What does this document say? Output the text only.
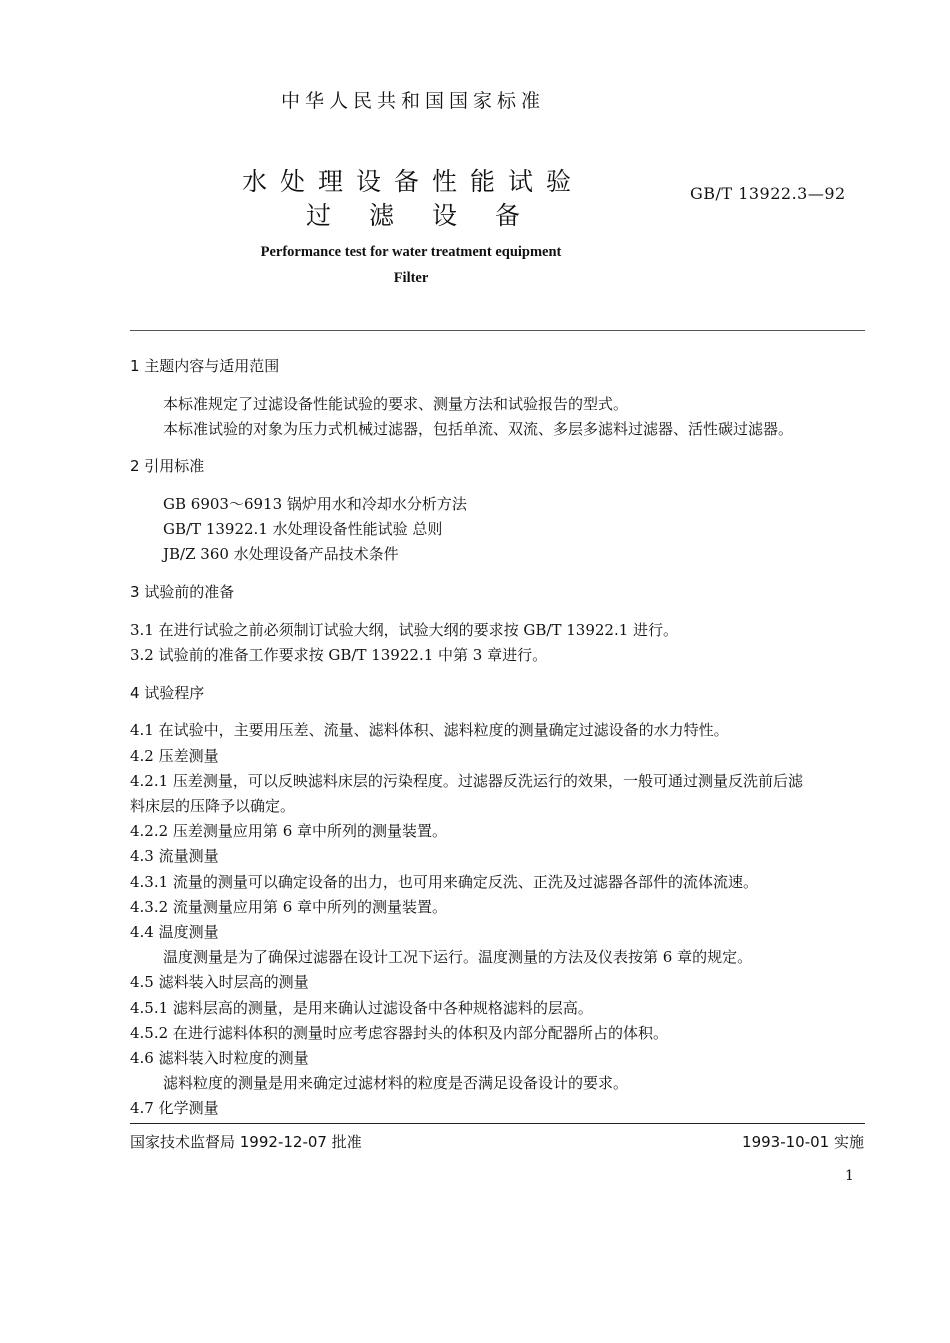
中华人民共和国国家标准
水处理设备性能试验
过滤设备
GB/T 13922.3—92
Performance test for water treatment equipment
Filter
1 主题内容与适用范围
本标准规定了过滤设备性能试验的要求、测量方法和试验报告的型式。
本标准试验的对象为压力式机械过滤器，包括单流、双流、多层多滤料过滤器、活性碳过滤器。
2 引用标准
GB 6903～6913 锅炉用水和冷却水分析方法
GB/T 13922.1 水处理设备性能试验 总则
JB/Z 360 水处理设备产品技术条件
3 试验前的准备
3.1 在进行试验之前必须制订试验大纲，试验大纲的要求按 GB/T 13922.1 进行。
3.2 试验前的准备工作要求按 GB/T 13922.1 中第 3 章进行。
4 试验程序
4.1 在试验中，主要用压差、流量、滤料体积、滤料粒度的测量确定过滤设备的水力特性。
4.2 压差测量
4.2.1 压差测量，可以反映滤料床层的污染程度。过滤器反洗运行的效果，一般可通过测量反洗前后滤
料床层的压降予以确定。
4.2.2 压差测量应用第 6 章中所列的测量装置。
4.3 流量测量
4.3.1 流量的测量可以确定设备的出力，也可用来确定反洗、正洗及过滤器各部件的流体流速。
4.3.2 流量测量应用第 6 章中所列的测量装置。
4.4 温度测量
温度测量是为了确保过滤器在设计工况下运行。温度测量的方法及仪表按第 6 章的规定。
4.5 滤料装入时层高的测量
4.5.1 滤料层高的测量，是用来确认过滤设备中各种规格滤料的层高。
4.5.2 在进行滤料体积的测量时应考虑容器封头的体积及内部分配器所占的体积。
4.6 滤料装入时粒度的测量
滤料粒度的测量是用来确定过滤材料的粒度是否满足设备设计的要求。
4.7 化学测量
国家技术监督局 1992-12-07 批准	1993-10-01 实施
1
